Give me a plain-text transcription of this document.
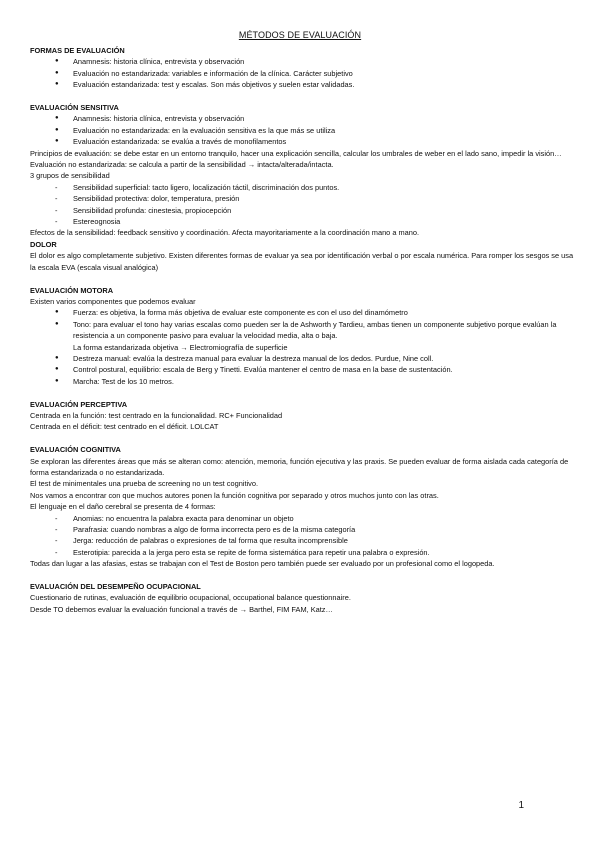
MÉTODOS DE EVALUACIÓN

FORMAS DE EVALUACIÓN

● Anamnesis: historia clínica, entrevista y observación
● Evaluación no estandarizada: variables e información de la clínica. Carácter subjetivo
● Evaluación estandarizada: test y escalas. Son más objetivos y suelen estar validadas.

EVALUACIÓN SENSITIVA

● Anamnesis: historia clínica, entrevista y observación
● Evaluación no estandarizada: en la evaluación sensitiva es la que más se utiliza
● Evaluación estandarizada: se evalúa a través de monofilamentos

Principios de evaluación: se debe estar en un entorno tranquilo, hacer una explicación sencilla, calcular los umbrales de weber en el lado sano, impedir la visión…

Evaluación no estandarizada: se calcula a partir de la sensibilidad → intacta/alterada/intacta.

3 grupos de sensibilidad

- Sensibilidad superficial: tacto ligero, localización táctil, discriminación dos puntos.
- Sensibilidad protectiva: dolor, temperatura, presión
- Sensibilidad profunda: cinestesia, propiocepción
- Estereognosia

Efectos de la sensibilidad: feedback sensitivo y coordinación. Afecta mayoritariamente a la coordinación mano a mano.

DOLOR

El dolor es algo completamente subjetivo. Existen diferentes formas de evaluar ya sea por identificación verbal o por escala numérica. Para romper los sesgos se usa la escala EVA (escala visual analógica)

EVALUACIÓN MOTORA

Existen varios componentes que podemos evaluar

● Fuerza: es objetiva, la forma más objetiva de evaluar este componente es con el uso del dinamómetro
● Tono: para evaluar el tono hay varias escalas como pueden ser la de Ashworth y Tardieu, ambas tienen un componente subjetivo porque evalúan la resistencia a un componente pasivo para evaluar la velocidad media, alta o baja.

La forma estandarizada objetiva → Electromiografía de superficie

● Destreza manual: evalúa la destreza manual para evaluar la destreza manual de los dedos. Purdue, Nine coll.
● Control postural, equilibrio: escala de Berg y Tinetti. Evalúa mantener el centro de masa en la base de sustentación.
● Marcha: Test de los 10 metros.

EVALUACIÓN PERCEPTIVA

Centrada en la función: test centrado en la funcionalidad. RC+ Funcionalidad

Centrada en el déficit: test centrado en el déficit. LOLCAT

EVALUACIÓN COGNITIVA

Se exploran las diferentes áreas que más se alteran como: atención, memoria, función ejecutiva y las praxis. Se pueden evaluar de forma aislada cada categoría de forma estandarizada o no estandarizada.

El test de minimentales una prueba de screening no un test cognitivo.

Nos vamos a encontrar con que muchos autores ponen la función cognitiva por separado y otros muchos junto con las otras.

El lenguaje en el daño cerebral se presenta de 4 formas:

- Anomias: no encuentra la palabra exacta para denominar un objeto
- Parafrasia: cuando nombras a algo de forma incorrecta pero es de la misma categoría
- Jerga: reducción de palabras o expresiones de tal forma que resulta incomprensible
- Esterotipia: parecida a la jerga pero esta se repite de forma sistemática para repetir una palabra o expresión.

Todas dan lugar a las afasias, estas se trabajan con el Test de Boston pero también puede ser evaluado por un profesional como el logopeda.

EVALUACIÓN DEL DESEMPEÑO OCUPACIONAL

Cuestionario de rutinas, evaluación de equilibrio ocupacional, occupational balance questionnaire.

Desde TO debemos evaluar la evaluación funcional a través de → Barthel, FIM FAM, Katz…

1
